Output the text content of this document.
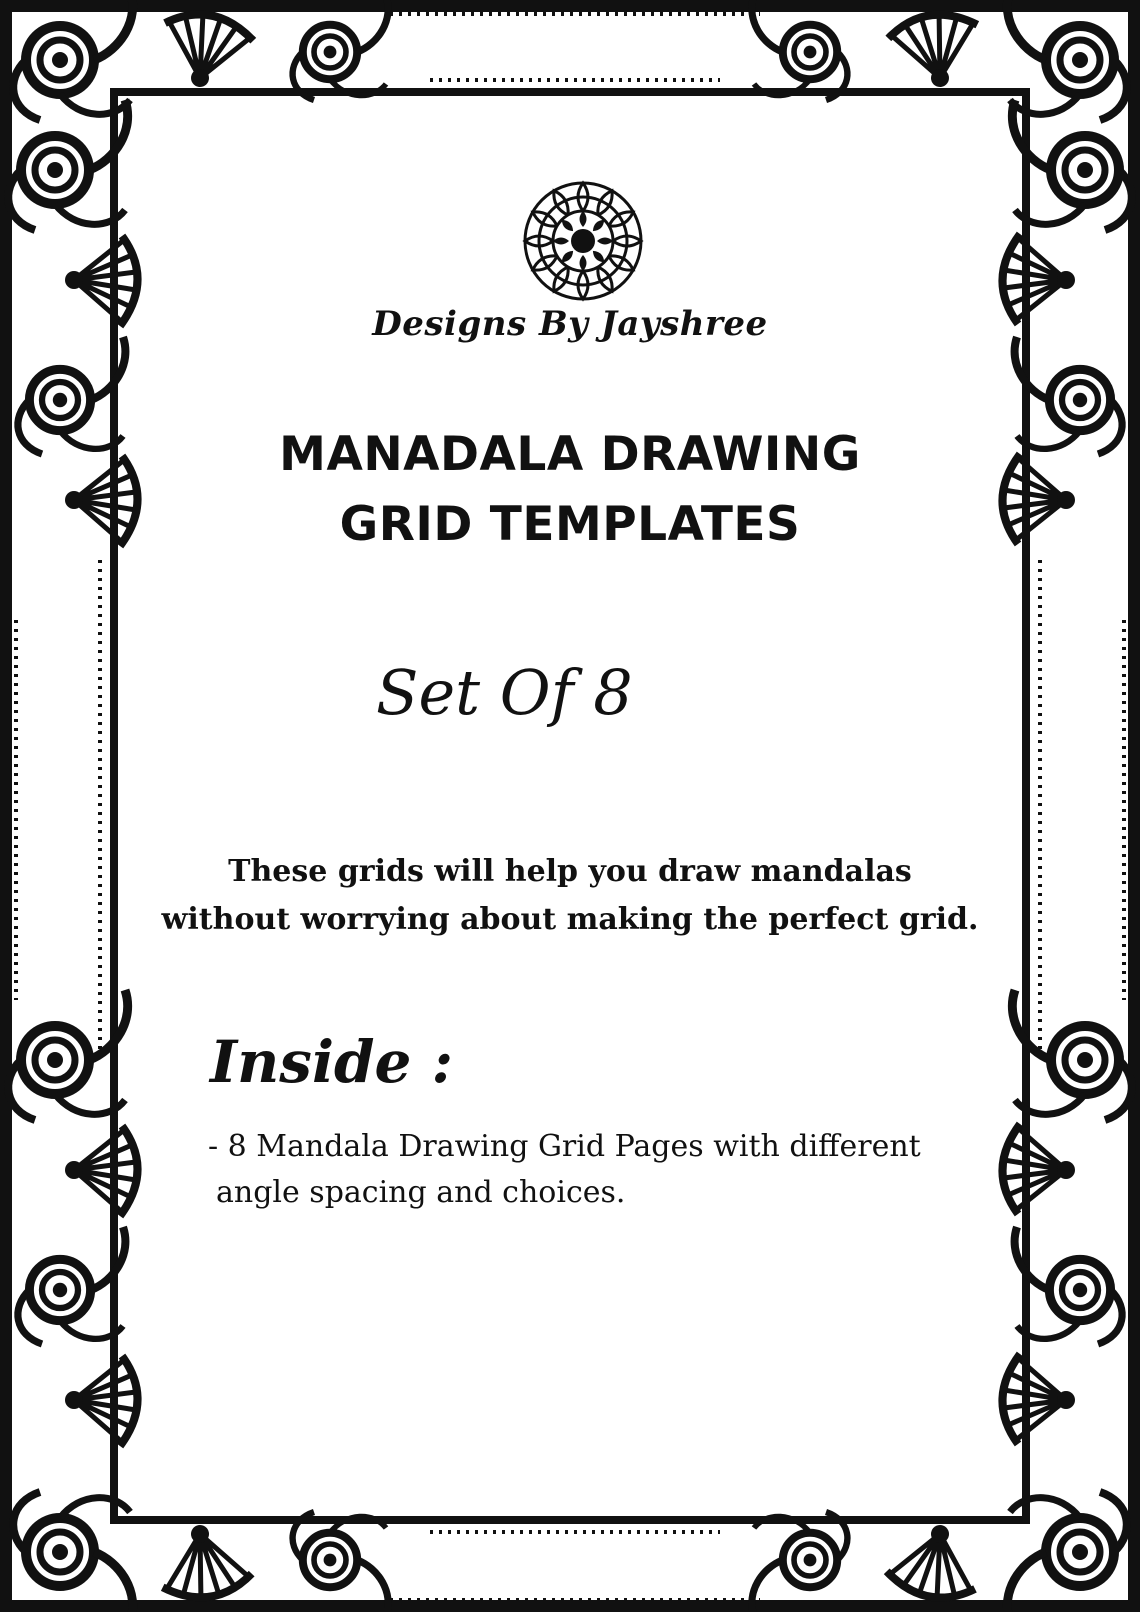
Designs By Jayshree
MANADALA DRAWING
GRID TEMPLATES
Set Of 8
These grids will help you draw mandalas
without worrying about making the perfect grid.
Inside :
- 8 Mandala Drawing Grid Pages with different
angle spacing and choices.
